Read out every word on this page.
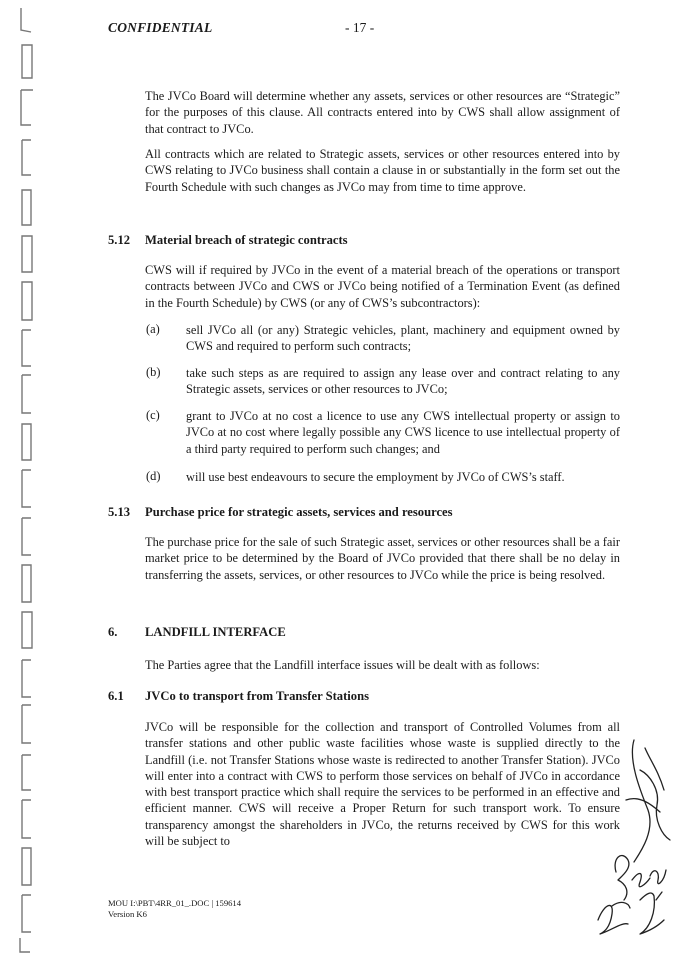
CONFIDENTIAL	- 17 -

The JVCo Board will determine whether any assets, services or other resources are “Strategic” for the purposes of this clause. All contracts entered into by CWS shall allow assignment of that contract to JVCo.

All contracts which are related to Strategic assets, services or other resources entered into by CWS relating to JVCo business shall contain a clause in or substantially in the form set out the Fourth Schedule with such changes as JVCo may from time to time approve.

5.12 Material breach of strategic contracts

CWS will if required by JVCo in the event of a material breach of the operations or transport contracts between JVCo and CWS or JVCo being notified of a Termination Event (as defined in the Fourth Schedule) by CWS (or any of CWS’s subcontractors):

(a) sell JVCo all (or any) Strategic vehicles, plant, machinery and equipment owned by CWS and required to perform such contracts;

(b) take such steps as are required to assign any lease over and contract relating to any Strategic assets, services or other resources to JVCo;

(c) grant to JVCo at no cost a licence to use any CWS intellectual property or assign to JVCo at no cost where legally possible any CWS licence to use intellectual property of a third party required to perform such changes; and

(d) will use best endeavours to secure the employment by JVCo of CWS’s staff.

5.13 Purchase price for strategic assets, services and resources

The purchase price for the sale of such Strategic asset, services or other resources shall be a fair market price to be determined by the Board of JVCo provided that there shall be no delay in transferring the assets, services, or other resources to JVCo while the price is being resolved.

6. LANDFILL INTERFACE

The Parties agree that the Landfill interface issues will be dealt with as follows:

6.1 JVCo to transport from Transfer Stations

JVCo will be responsible for the collection and transport of Controlled Volumes from all transfer stations and other public waste facilities whose waste is supplied directly to the Landfill (i.e. not Transfer Stations whose waste is redirected to another Transfer Station). JVCo will enter into a contract with CWS to perform those services on behalf of JVCo in accordance with best transport practice which shall require the services to be performed in an effective and efficient manner. CWS will receive a Proper Return for such transport work. To ensure transparency amongst the shareholders in JVCo, the returns received by CWS for this work will be subject to

MOU I:\PBT\4RR_01_.DOC | 159614
Version K6
